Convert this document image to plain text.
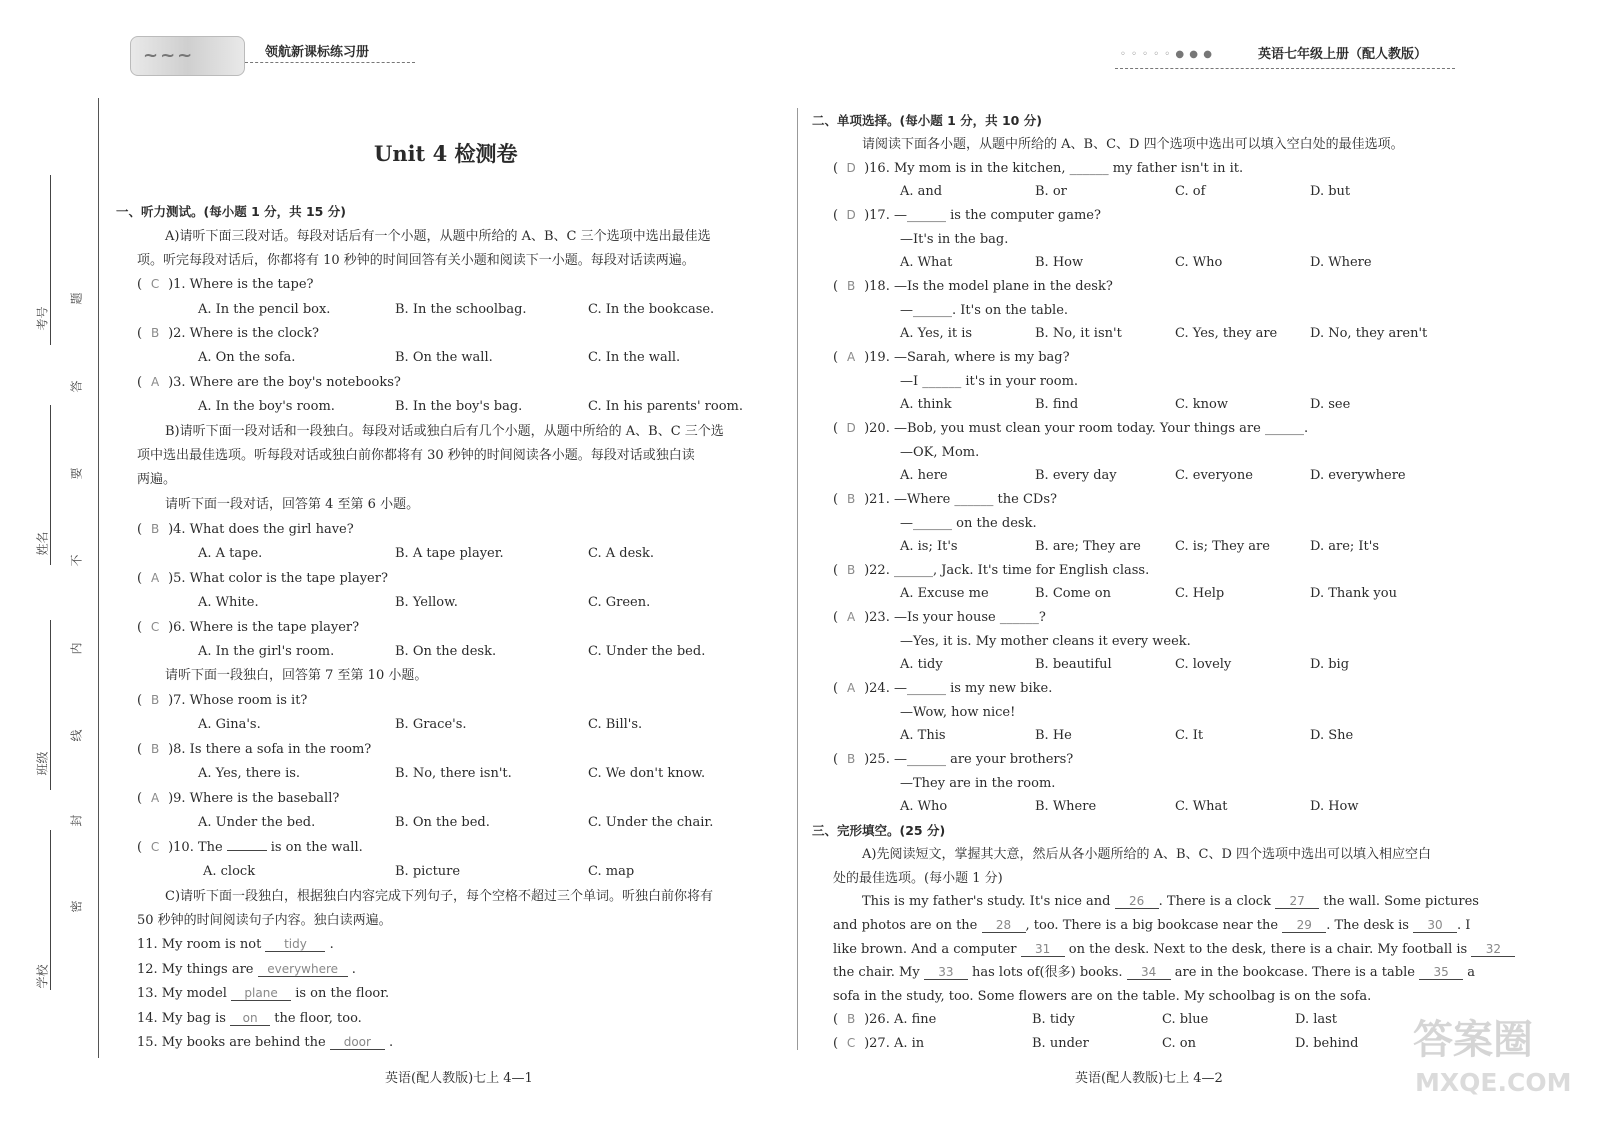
~~~	领航新课标练习册	◦ ◦ ◦ ◦ ◦ ● ● ●	英语七年级上册（配人教版）
考号
姓名
班级
学校
题
答
要
不
内
线
封
密
Unit 4 检测卷
一、听力测试。(每小题 1 分，共 15 分)
A)请听下面三段对话。每段对话后有一个小题，从题中所给的 A、B、C 三个选项中选出最佳选
项。听完每段对话后，你都将有 10 秒钟的时间回答有关小题和阅读下一小题。每段对话读两遍。
( C )1. Where is the tape?
A. In the pencil box.	B. In the schoolbag.	C. In the bookcase.
( B )2. Where is the clock?
A. On the sofa.	B. On the wall.	C. In the wall.
( A )3. Where are the boy's notebooks?
A. In the boy's room.	B. In the boy's bag.	C. In his parents' room.
B)请听下面一段对话和一段独白。每段对话或独白后有几个小题，从题中所给的 A、B、C 三个选
项中选出最佳选项。听每段对话或独白前你都将有 30 秒钟的时间阅读各小题。每段对话或独白读
两遍。
请听下面一段对话，回答第 4 至第 6 小题。
( B )4. What does the girl have?
A. A tape.	B. A tape player.	C. A desk.
( A )5. What color is the tape player?
A. White.	B. Yellow.	C. Green.
( C )6. Where is the tape player?
A. In the girl's room.	B. On the desk.	C. Under the bed.
请听下面一段独白，回答第 7 至第 10 小题。
( B )7. Whose room is it?
A. Gina's.	B. Grace's.	C. Bill's.
( B )8. Is there a sofa in the room?
A. Yes, there is.	B. No, there isn't.	C. We don't know.
( A )9. Where is the baseball?
A. Under the bed.	B. On the bed.	C. Under the chair.
( C )10. The	is on the wall.
A. clock	B. picture	C. map
C)请听下面一段独白，根据独白内容完成下列句子，每个空格不超过三个单词。听独白前你将有
50 秒钟的时间阅读句子内容。独白读两遍。
11. My room is not tidy .
12. My things are everywhere .
13. My model plane is on the floor.
14. My bag is on the floor, too.
15. My books are behind the door .
英语(配人教版)七上 4—1
二、单项选择。(每小题 1 分，共 10 分)
请阅读下面各小题，从题中所给的 A、B、C、D 四个选项中选出可以填入空白处的最佳选项。
( D )16. My mom is in the kitchen, ______ my father isn't in it.
A. and	B. or	C. of	D. but
( D )17. —______ is the computer game?
—It's in the bag.
A. What	B. How	C. Who	D. Where
( B )18. —Is the model plane in the desk?
—______. It's on the table.
A. Yes, it is	B. No, it isn't	C. Yes, they are	D. No, they aren't
( A )19. —Sarah, where is my bag?
—I ______ it's in your room.
A. think	B. find	C. know	D. see
( D )20. —Bob, you must clean your room today. Your things are ______.
—OK, Mom.
A. here	B. every day	C. everyone	D. everywhere
( B )21. —Where ______ the CDs?
—______ on the desk.
A. is; It's	B. are; They are	C. is; They are	D. are; It's
( B )22. ______, Jack. It's time for English class.
A. Excuse me	B. Come on	C. Help	D. Thank you
( A )23. —Is your house ______?
—Yes, it is. My mother cleans it every week.
A. tidy	B. beautiful	C. lovely	D. big
( A )24. —______ is my new bike.
—Wow, how nice!
A. This	B. He	C. It	D. She
( B )25. —______ are your brothers?
—They are in the room.
A. Who	B. Where	C. What	D. How
三、完形填空。(25 分)
A)先阅读短文，掌握其大意，然后从各小题所给的 A、B、C、D 四个选项中选出可以填入相应空白
处的最佳选项。(每小题 1 分)
This is my father's study. It's nice and 26 . There is a clock 27 the wall. Some pictures
and photos are on the 28 , too. There is a big bookcase near the 29 . The desk is 30 . I
like brown. And a computer 31 on the desk. Next to the desk, there is a chair. My football is 32
the chair. My 33 has lots of(很多) books. 34 are in the bookcase. There is a table 35 a
sofa in the study, too. Some flowers are on the table. My schoolbag is on the sofa.
( B )26. A. fine	B. tidy	C. blue	D. last
( C )27. A. in	B. under	C. on	D. behind
英语(配人教版)七上 4—2
答案圈
MXQE.COM
